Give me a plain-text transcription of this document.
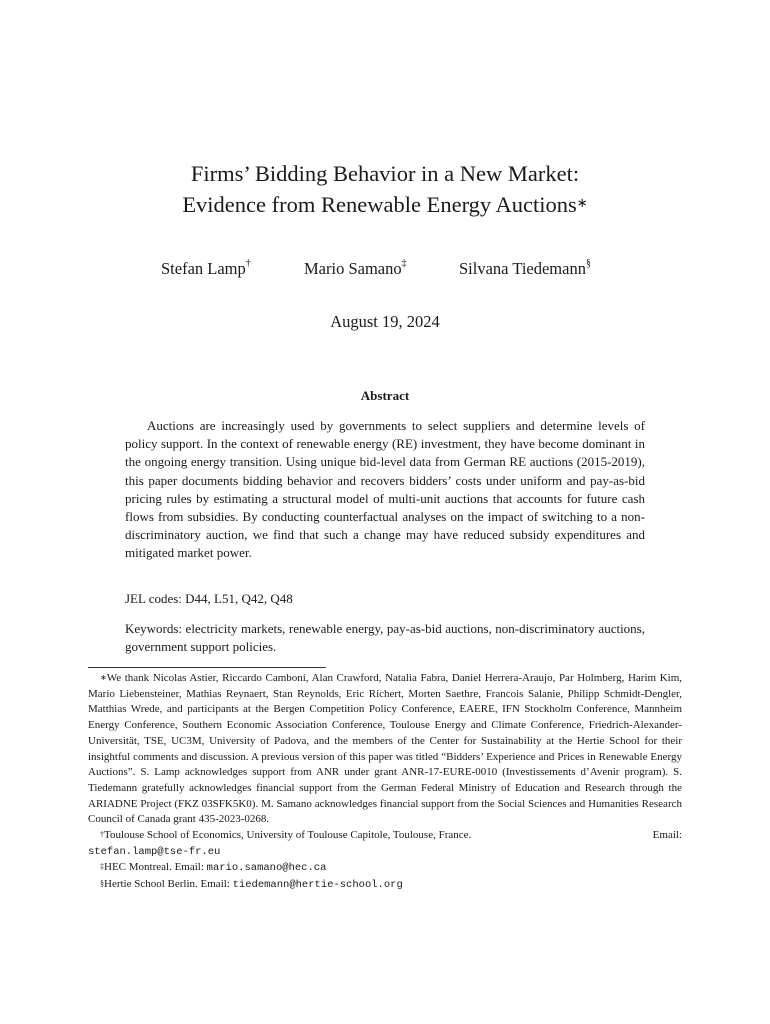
Firms’ Bidding Behavior in a New Market:
Evidence from Renewable Energy Auctions∗
Stefan Lamp†	Mario Samano‡	Silvana Tiedemann§
August 19, 2024
Abstract

Auctions are increasingly used by governments to select suppliers and determine levels of policy support. In the context of renewable energy (RE) investment, they have become dominant in the ongoing energy transition. Using unique bid-level data from German RE auctions (2015-2019), this paper documents bidding behavior and recovers bidders’ costs under uniform and pay-as-bid pricing rules by estimating a structural model of multi-unit auctions that accounts for future cash flows from subsidies. By conducting counterfactual analyses on the impact of switching to a non-discriminatory auction, we find that such a change may have reduced subsidy expenditures and mitigated market power.

JEL codes: D44, L51, Q42, Q48
Keywords: electricity markets, renewable energy, pay-as-bid auctions, non-discriminatory auctions, government support policies.

∗We thank Nicolas Astier, Riccardo Camboni, Alan Crawford, Natalia Fabra, Daniel Herrera-Araujo, Par Holmberg, Harim Kim, Mario Liebensteiner, Mathias Reynaert, Stan Reynolds, Eric Richert, Morten Saethre, Francois Salanie, Philipp Schmidt-Dengler, Matthias Wrede, and participants at the Bergen Competition Policy Conference, EAERE, IFN Stockholm Conference, Mannheim Energy Conference, Southern Economic Association Conference, Toulouse Energy and Climate Conference, Friedrich-Alexander-Universität, TSE, UC3M, University of Padova, and the members of the Center for Sustainability at the Hertie School for their insightful comments and discussion. A previous version of this paper was titled “Bidders’ Experience and Prices in Renewable Energy Auctions”. S. Lamp acknowledges support from ANR under grant ANR-17-EURE-0010 (Investissements d’Avenir program). S. Tiedemann gratefully acknowledges financial support from the German Federal Ministry of Education and Research through the ARIADNE Project (FKZ 03SFK5K0). M. Samano acknowledges financial support from the Social Sciences and Humanities Research Council of Canada grant 435-2023-0268.

†Toulouse School of Economics, University of Toulouse Capitole, Toulouse, France.	Email:

stefan.lamp@tse-fr.eu

‡HEC Montreal. Email: mario.samano@hec.ca

§Hertie School Berlin. Email: tiedemann@hertie-school.org
